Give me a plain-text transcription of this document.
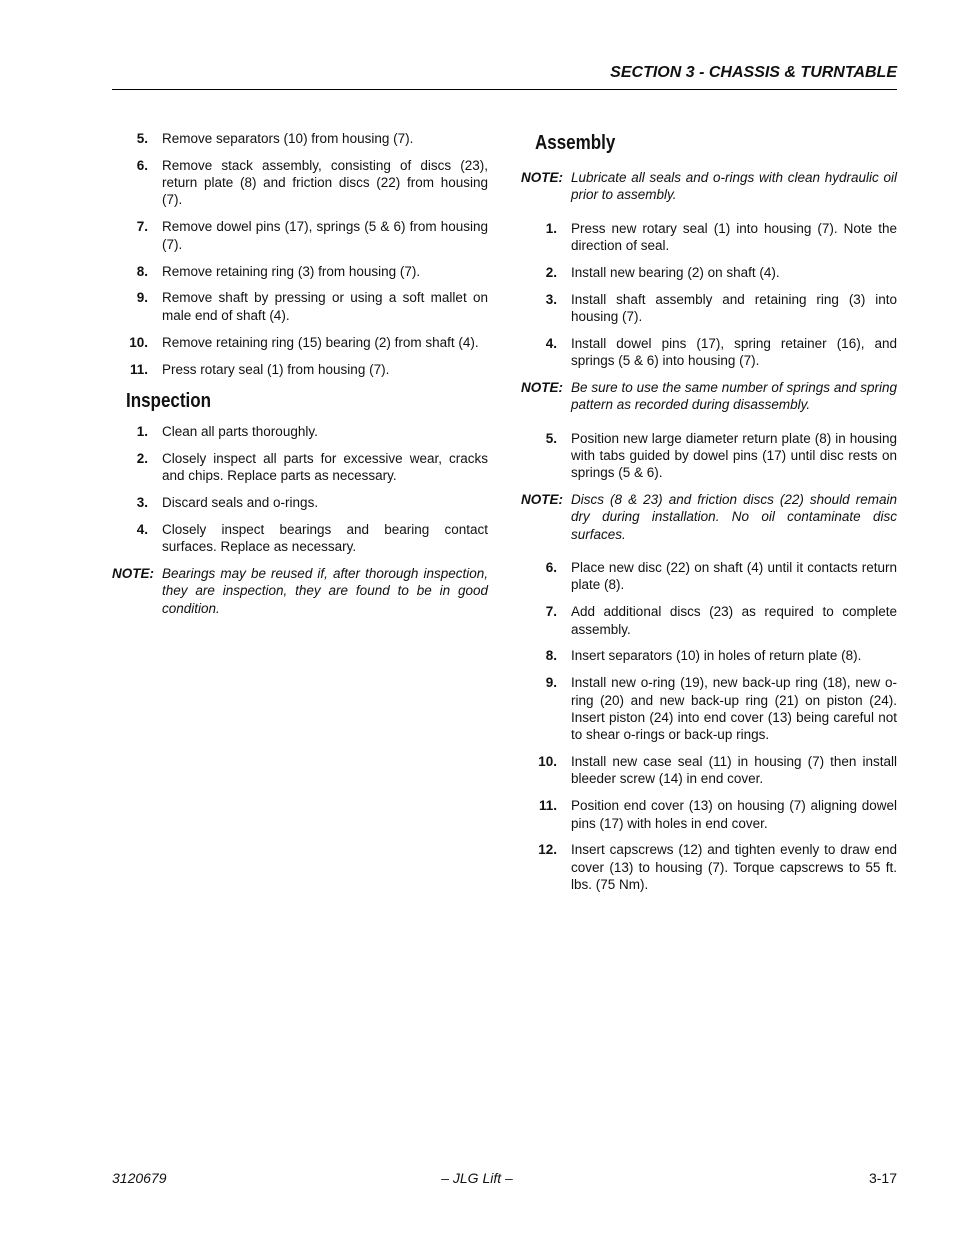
SECTION 3 - CHASSIS & TURNTABLE
5. Remove separators (10) from housing (7).
6. Remove stack assembly, consisting of discs (23), return plate (8) and friction discs (22) from housing (7).
7. Remove dowel pins (17), springs (5 & 6) from housing (7).
8. Remove retaining ring (3) from housing (7).
9. Remove shaft by pressing or using a soft mallet on male end of shaft (4).
10. Remove retaining ring (15) bearing (2) from shaft (4).
11. Press rotary seal (1) from housing (7).
Inspection
1. Clean all parts thoroughly.
2. Closely inspect all parts for excessive wear, cracks and chips. Replace parts as necessary.
3. Discard seals and o-rings.
4. Closely inspect bearings and bearing contact surfaces. Replace as necessary.
NOTE: Bearings may be reused if, after thorough inspection, they are inspection, they are found to be in good condition.
Assembly
NOTE: Lubricate all seals and o-rings with clean hydraulic oil prior to assembly.
1. Press new rotary seal (1) into housing (7). Note the direction of seal.
2. Install new bearing (2) on shaft (4).
3. Install shaft assembly and retaining ring (3) into housing (7).
4. Install dowel pins (17), spring retainer (16), and springs (5 & 6) into housing (7).
NOTE: Be sure to use the same number of springs and spring pattern as recorded during disassembly.
5. Position new large diameter return plate (8) in housing with tabs guided by dowel pins (17) until disc rests on springs (5 & 6).
NOTE: Discs (8 & 23) and friction discs (22) should remain dry during installation. No oil contaminate disc surfaces.
6. Place new disc (22) on shaft (4) until it contacts return plate (8).
7. Add additional discs (23) as required to complete assembly.
8. Insert separators (10) in holes of return plate (8).
9. Install new o-ring (19), new back-up ring (18), new o-ring (20) and new back-up ring (21) on piston (24). Insert piston (24) into end cover (13) being careful not to shear o-rings or back-up rings.
10. Install new case seal (11) in housing (7) then install bleeder screw (14) in end cover.
11. Position end cover (13) on housing (7) aligning dowel pins (17) with holes in end cover.
12. Insert capscrews (12) and tighten evenly to draw end cover (13) to housing (7). Torque capscrews to 55 ft. lbs. (75 Nm).
3120679	– JLG Lift –	3-17
